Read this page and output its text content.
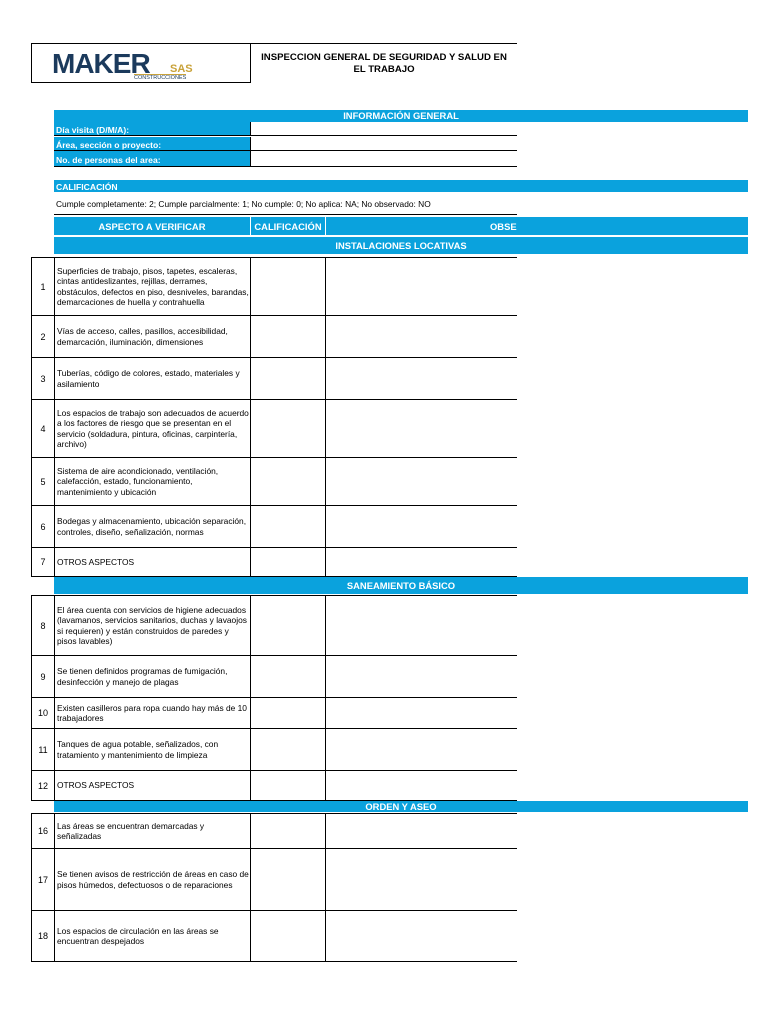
MAKER SAS
CONSTRUCCIONES
INSPECCION GENERAL DE SEGURIDAD Y SALUD EN
EL TRABAJO
INFORMACIÓN GENERAL
Día visita (D/M/A):
Área, sección o proyecto:
No. de personas del area:
CALIFICACIÓN
Cumple completamente: 2; Cumple parcialmente: 1; No cumple: 0; No aplica: NA; No observado: NO
ASPECTO A VERIFICAR	CALIFICACIÓN	OBSE
INSTALACIONES LOCATIVAS
1
Superficies de trabajo, pisos, tapetes, escaleras, cintas antideslizantes, rejillas, derrames, obstáculos, defectos en piso, desniveles, barandas, demarcaciones de huella y contrahuella
2
Vías de acceso, calles, pasillos, accesibilidad, demarcación, iluminación, dimensiones
3
Tuberías, código de colores, estado, materiales y asilamiento
4
Los espacios de trabajo son adecuados de acuerdo a los factores de riesgo que se presentan en el servicio (soldadura, pintura, oficinas, carpintería, archivo)
5
Sistema de aire acondicionado, ventilación, calefacción, estado, funcionamiento, mantenimiento y ubicación
6
Bodegas y almacenamiento, ubicación separación, controles, diseño, señalización, normas
7	OTROS ASPECTOS
SANEAMIENTO BÁSICO
8
El área cuenta con servicios de higiene adecuados (lavamanos, servicios sanitarios, duchas y lavaojos si requieren) y están construidos de paredes y pisos lavables)
9
Se tienen definidos programas de fumigación, desinfección y manejo de plagas
10
Existen casilleros para ropa cuando hay más de 10 trabajadores
11
Tanques de agua potable, señalizados, con tratamiento y mantenimiento de limpieza
12	OTROS ASPECTOS
ORDEN Y ASEO
16
Las áreas se encuentran demarcadas y señalizadas
17
Se tienen avisos de restricción de áreas en caso de pisos húmedos, defectuosos o de reparaciones
18
Los espacios de circulación en las áreas se encuentran despejados
